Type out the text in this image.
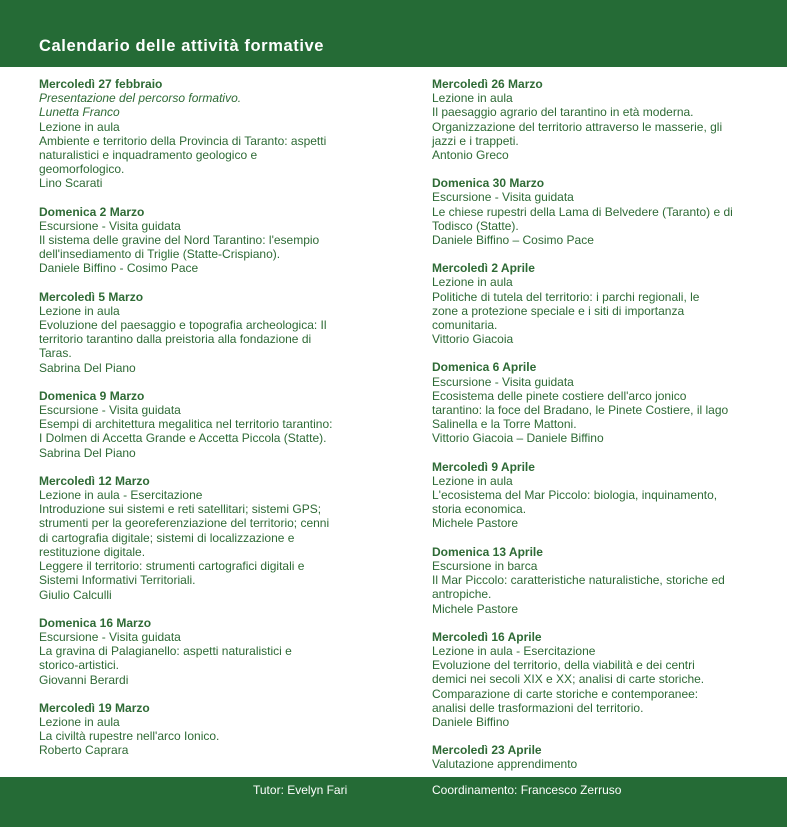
Calendario delle attività formative
Mercoledì 27 febbraio
Presentazione del percorso formativo.
Lunetta Franco
Lezione in aula
Ambiente e territorio della Provincia di Taranto: aspetti
naturalistici e inquadramento geologico e
geomorfologico.
Lino Scarati
Domenica 2 Marzo
Escursione - Visita guidata
Il sistema delle gravine del Nord Tarantino: l'esempio
dell'insediamento di Triglie (Statte-Crispiano).
Daniele Biffino - Cosimo Pace
Mercoledì 5 Marzo
Lezione in aula
Evoluzione del paesaggio e topografia archeologica: Il
territorio tarantino dalla preistoria alla fondazione di
Taras.
Sabrina Del Piano
Domenica 9 Marzo
Escursione - Visita guidata
Esempi di architettura megalitica nel territorio tarantino:
I Dolmen di Accetta Grande e Accetta Piccola (Statte).
Sabrina Del Piano
Mercoledì 12 Marzo
Lezione in aula - Esercitazione
Introduzione sui sistemi e reti satellitari; sistemi GPS;
strumenti per la georeferenziazione del territorio; cenni
di cartografia digitale; sistemi di localizzazione e
restituzione digitale.
Leggere il territorio: strumenti cartografici digitali e
Sistemi Informativi Territoriali.
Giulio Calculli
Domenica 16 Marzo
Escursione - Visita guidata
La gravina di Palagianello: aspetti naturalistici e
storico-artistici.
Giovanni Berardi
Mercoledì 19 Marzo
Lezione in aula
La civiltà rupestre nell'arco Ionico.
Roberto Caprara
Mercoledì 26 Marzo
Lezione in aula
Il paesaggio agrario del tarantino in età moderna.
Organizzazione del territorio attraverso le masserie, gli
jazzi e i trappeti.
Antonio Greco
Domenica 30 Marzo
Escursione - Visita guidata
Le chiese rupestri della Lama di Belvedere (Taranto) e di
Todisco (Statte).
Daniele Biffino – Cosimo Pace
Mercoledì 2 Aprile
Lezione in aula
Politiche di tutela del territorio: i parchi regionali, le
zone a protezione speciale e i siti di importanza
comunitaria.
Vittorio Giacoia
Domenica 6 Aprile
Escursione - Visita guidata
Ecosistema delle pinete costiere dell'arco jonico
tarantino: la foce del Bradano, le Pinete Costiere, il lago
Salinella e la Torre Mattoni.
Vittorio Giacoia – Daniele Biffino
Mercoledì 9 Aprile
Lezione in aula
L'ecosistema del Mar Piccolo: biologia, inquinamento,
storia economica.
Michele Pastore
Domenica 13 Aprile
Escursione in barca
Il Mar Piccolo: caratteristiche naturalistiche, storiche ed
antropiche.
Michele Pastore
Mercoledì 16 Aprile
Lezione in aula - Esercitazione
Evoluzione del territorio, della viabilità e dei centri
demici nei secoli XIX e XX; analisi di carte storiche.
Comparazione di carte storiche e contemporanee:
analisi delle trasformazioni del territorio.
Daniele Biffino
Mercoledì 23 Aprile
Valutazione apprendimento
Tutor: Evelyn Fari	Coordinamento: Francesco Zerruso
